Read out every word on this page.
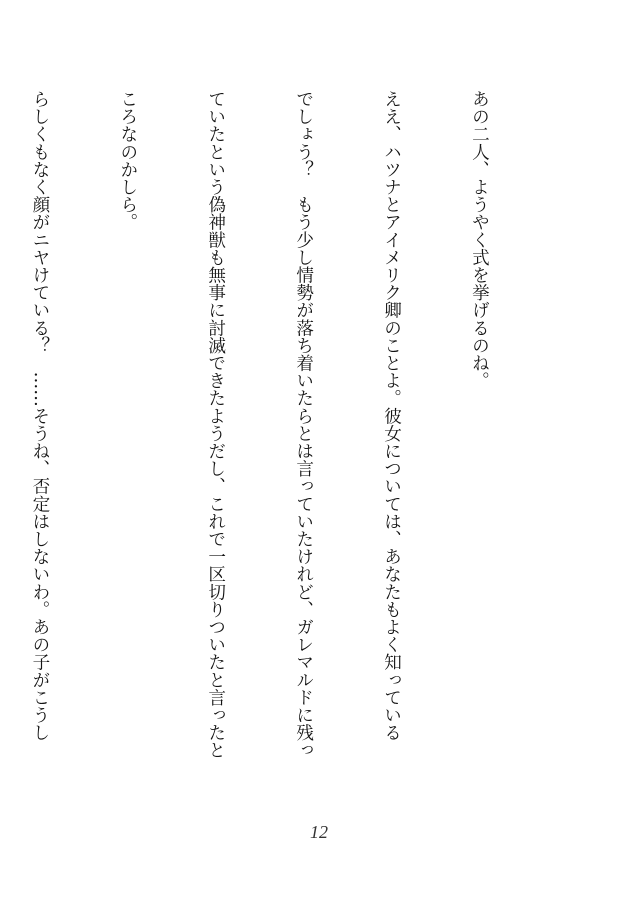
あの二人、ようやく式を挙げるのね。

ええ、ハツナとアイメリク卿のことよ。彼女については、あなたもよく知っている

でしょう？　もう少し情勢が落ち着いたらとは言っていたけれど、ガレマルドに残っ

ていたという偽神獣も無事に討滅できたようだし、これで一区切りついたと言ったと

ころなのかしら。

らしくもなく顔がニヤけている？　……そうね、否定はしないわ。あの子がこうし

12
